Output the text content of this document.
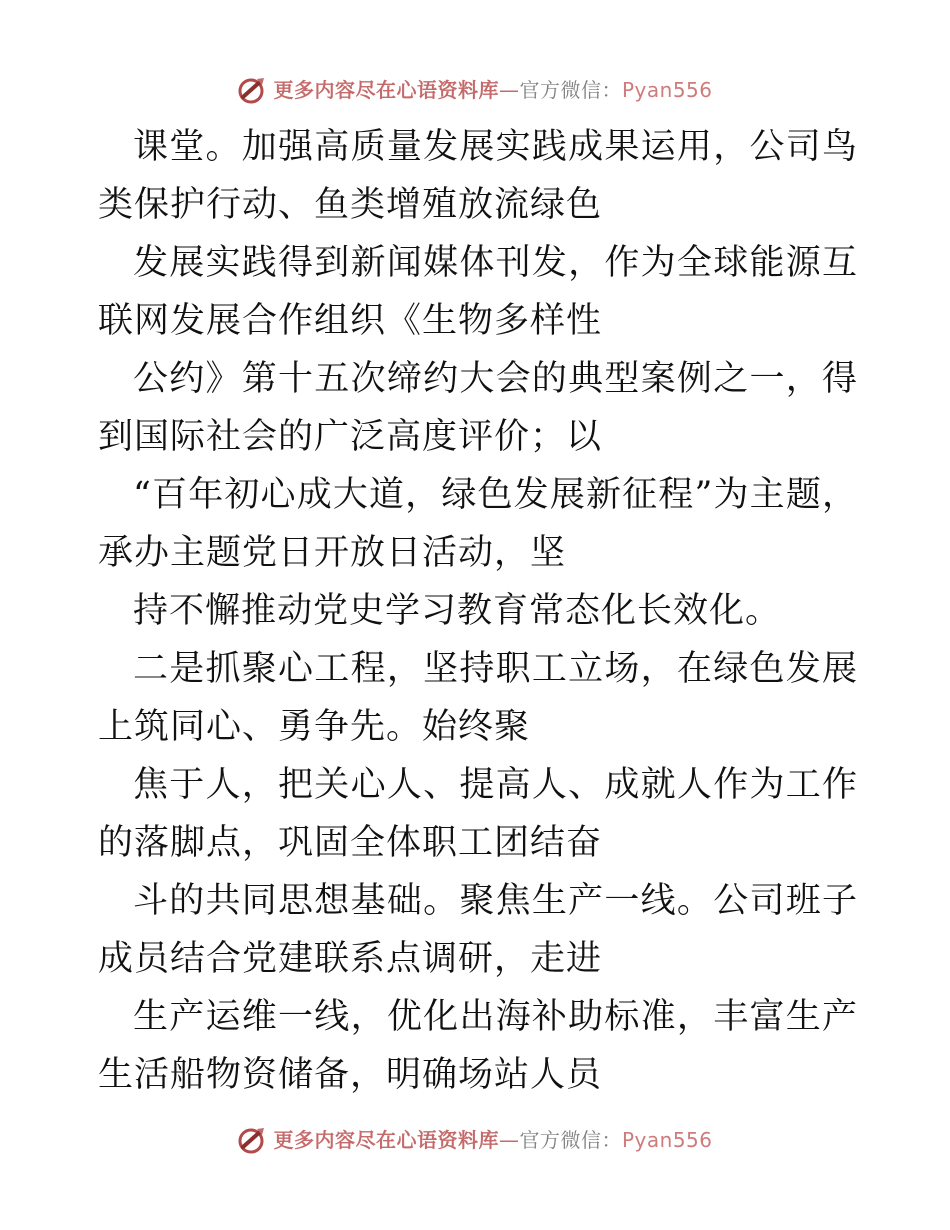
更多内容尽在心语资料库—官方微信：Pyan556

课堂。加强高质量发展实践成果运用，公司鸟类保护行动、鱼类增殖放流绿色

发展实践得到新闻媒体刊发，作为全球能源互联网发展合作组织《生物多样性

公约》第十五次缔约大会的典型案例之一，得到国际社会的广泛高度评价；以

“百年初心成大道，绿色发展新征程”为主题，承办主题党日开放日活动，坚

持不懈推动党史学习教育常态化长效化。

二是抓聚心工程，坚持职工立场，在绿色发展上筑同心、勇争先。始终聚

焦于人，把关心人、提高人、成就人作为工作的落脚点，巩固全体职工团结奋

斗的共同思想基础。聚焦生产一线。公司班子成员结合党建联系点调研，走进

生产运维一线，优化出海补助标准，丰富生产生活船物资储备，明确场站人员

更多内容尽在心语资料库—官方微信：Pyan556
